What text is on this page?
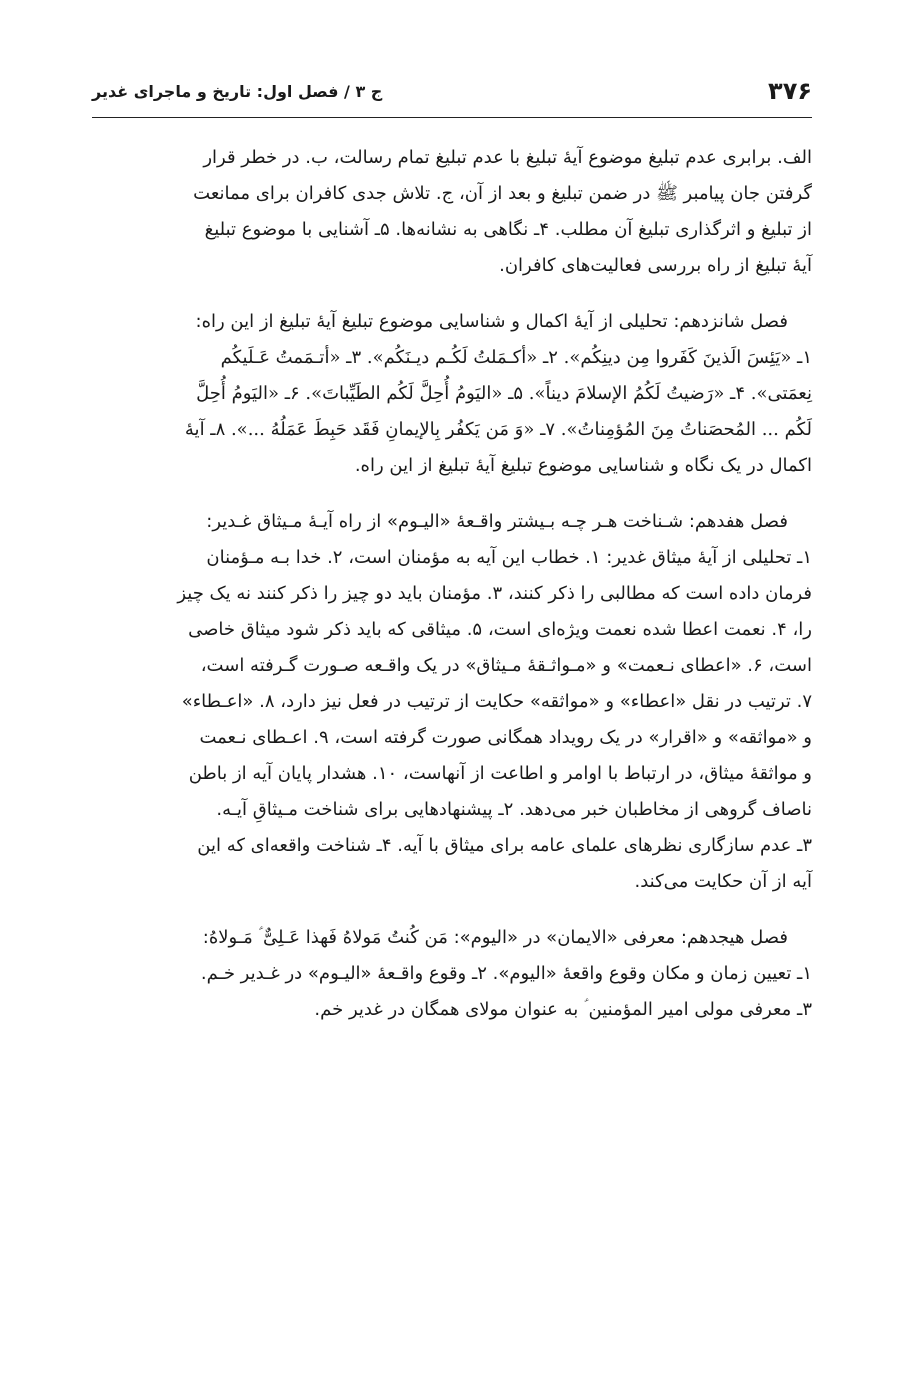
۳۷۶
ج ۳ / فصل اول: تاریخ و ماجرای غدیر

الف. برابری عدم تبلیغ موضوع آیهٔ تبلیغ با عدم تبلیغ تمام رسالت، ب. در خطر قرار

گرفتن جان پیامبر ﷺ در ضمن تبلیغ و بعد از آن، ج. تلاش جدی کافران برای ممانعت

از تبلیغ و اثرگذاری تبلیغ آن مطلب. ۴ـ نگاهی به نشانه‌ها. ۵ـ آشنایی با موضوع تبلیغ

آیهٔ تبلیغ از راه بررسی فعالیت‌های کافران.

فصل شانزدهم: تحلیلی از آیهٔ اکمال و شناسایی موضوع تبلیغ آیهٔ تبلیغ از این راه:

۱ـ «یَئِسَ الَذینَ کَفَروا مِن دینِکُم». ۲ـ «أکـمَلتُ لَکُـم دیـنَکُم». ۳ـ «أتـمَمتُ عَـلَیکُم

نِعمَتی». ۴ـ «رَضیتُ لَکُمُ الإسلامَ دیناً». ۵ـ «الیَومُ أُحِلَّ لَکُم الطَیِّباتَ». ۶ـ «الیَومُ أُحِلَّ

لَکُم ... المُحصَناتُ مِنَ المُؤمِناتُ». ۷ـ «وَ مَن یَکفُر بِالإیمانِ فَقَد حَبِطَ عَمَلُهُ ...». ۸ـ آیهٔ

اکمال در یک نگاه و شناسایی موضوع تبلیغ آیهٔ تبلیغ از این راه.

فصل هفدهم: شـناخت هـر چـه بـیشتر واقـعهٔ «الیـوم» از راه آیـهٔ مـیثاق غـدیر:

۱ـ تحلیلی از آیهٔ میثاق غدیر: ۱. خطاب این آیه به مؤمنان است، ۲. خدا بـه مـؤمنان

فرمان داده است که مطالبی را ذکر کنند، ۳. مؤمنان باید دو چیز را ذکر کنند نه یک چیز

را، ۴. نعمت اعطا شده نعمت ویژه‌ای است، ۵. میثاقی که باید ذکر شود میثاق خاصی

است، ۶. «اعطای نـعمت» و «مـواثـقهٔ مـیثاق» در یک واقـعه صـورت گـرفته است،

۷. ترتیب در نقل «اعطاء» و «مواثقه» حکایت از ترتیب در فعل نیز دارد، ۸. «اعـطاء»

و «مواثقه» و «اقرار» در یک رویداد همگانی صورت گرفته است، ۹. اعـطای نـعمت

و مواثقهٔ میثاق، در ارتباط با اوامر و اطاعت از آنهاست، ۱۰. هشدار پایان آیه از باطن

ناصاف گروهی از مخاطبان خبر می‌دهد. ۲ـ پیشنهادهایی برای شناخت مـیثاقِ آیـه.

۳ـ عدم سازگاری نظرهای علمای عامه برای میثاق با آیه. ۴ـ شناخت واقعه‌ای که این

آیه از آن حکایت می‌کند.

فصل هیجدهم: معرفی «الایمان» در «الیوم»: مَن کُنتُ مَولاهُ فَهذا عَـلِیٌّ ؑ مَـولاهُ:

۱ـ تعیین زمان و مکان وقوع واقعهٔ «الیوم». ۲ـ وقوع واقـعهٔ «الیـوم» در غـدیر خـم.

۳ـ معرفی مولی امیر المؤمنین ؑ به عنوان مولای همگان در غدیر خم.
